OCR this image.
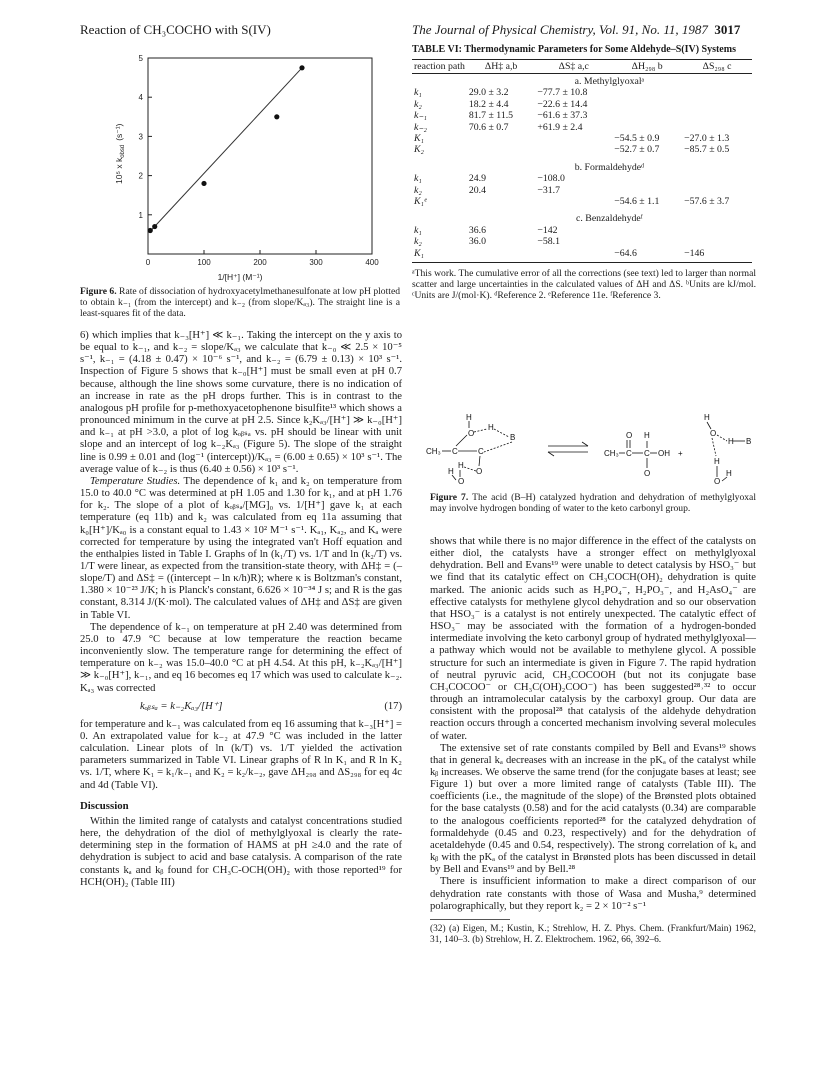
Reaction of CH₃COCHO with S(IV)	The Journal of Physical Chemistry, Vol. 91, No. 11, 1987 3017
0	100	200	300	400
1
2
3
4
5
1/[H⁺] (M⁻¹)
10⁵ x $k_{obsd}(s^{-1})$
Figure 6. Rate of dissociation of hydroxyacetylmethanesulfonate at low pH plotted to obtain k₋₁ (from the intercept) and k₋₂ (from slope/Kₐ₃). The straight line is a least-squares fit of the data.

6) which implies that k₋₃[H⁺] ≪ k₋₁. Taking the intercept on the y axis to be equal to k₋₁, and k₋₂ = slope/Kₐ₃ we calculate that k₋₀ ≪ 2.5 × 10⁻⁵ s⁻¹, k₋₁ = (4.18 ± 0.47) × 10⁻⁶ s⁻¹, and k₋₂ = (6.79 ± 0.13) × 10³ s⁻¹. Inspection of Figure 5 shows that k₋₀[H⁺] must be small even at pH 0.7 because, although the line shows some curvature, there is no indication of an increase in rate as the pH drops further. This is in contrast to the analogous pH profile for p-methoxyacetophenone bisulfite¹³ which shows a pronounced minimum in the curve at pH 2.5. Since k₂Kₐ₃/[H⁺] ≫ k₋₀[H⁺] and k₋₁ at pH >3.0, a plot of log kₒᵦₛₐ vs. pH should be linear with unit slope and an intercept of log k₋₂Kₐ₃ (Figure 5). The slope of the straight line is 0.99 ± 0.01 and (log⁻¹ (intercept))/Kₐ₃ = (6.00 ± 0.65) × 10³ s⁻¹. The average value of k₋₂ is thus (6.40 ± 0.56) × 10³ s⁻¹.

Temperature Studies. The dependence of k₁ and k₂ on temperature from 15.0 to 40.0 °C was determined at pH 1.05 and 1.30 for k₁, and at pH 1.76 for k₂. The slope of a plot of kₒᵦₛₐ/[MG]₀ vs. 1/[H⁺] gave k₁ at each temperature (eq 11b) and k₂ was calculated from eq 11a assuming that k₀[H⁺]/Kₐ₀ is a constant equal to 1.43 × 10² M⁻¹ s⁻¹. Kₐ₁, Kₐ₂, and Kₐ were corrected for temperature by using the integrated van't Hoff equation and the enthalpies listed in Table I. Graphs of ln (k₁/T) vs. 1/T and ln (k₂/T) vs. 1/T were linear, as expected from the transition-state theory, with ΔH‡ = (–slope/T) and ΔS‡ = ((intercept – ln κ/h)R); where κ is Boltzman's constant, 1.380 × 10⁻²³ J/K; h is Planck's constant, 6.626 × 10⁻³⁴ J s; and R is the gas constant, 8.314 J/(K·mol). The calculated values of ΔH‡ and ΔS‡ are given in Table VI.

The dependence of k₋₁ on temperature at pH 2.40 was determined from 25.0 to 47.9 °C because at low temperature the reaction became inconveniently slow. The temperature range for determining the effect of temperature on k₋₂ was 15.0–40.0 °C at pH 4.54. At this pH, k₋₂Kₐ₃/[H⁺] ≫ k₋₀[H⁺], k₋₁, and eq 16 becomes eq 17 which was used to calculate k₋₂. Kₐ₃ was corrected

kₒᵦₛₐ = k₋₂Kₐ₃/[H⁺]	(17)

for temperature and k₋₁ was calculated from eq 16 assuming that k₋₃[H⁺] = 0. An extrapolated value for k₋₂ at 47.9 °C was included in the latter calculation. Linear plots of ln (k/T) vs. 1/T yielded the activation parameters summarized in Table VI. Linear graphs of R ln K₁ and R ln K₂ vs. 1/T, where K₁ = k₁/k₋₁ and K₂ = k₂/k₋₂, gave ΔH₂₉₈ and ΔS₂₉₈ for eq 4c and 4d (Table VI).

Discussion

Within the limited range of catalysts and catalyst concentrations studied here, the dehydration of the diol of methylglyoxal is clearly the rate-determining step in the formation of HAMS at pH ≥4.0 and the rate of dehydration is subject to acid and base catalysis. A comparison of the rate constants kₐ and kᵦ found for CH₃C-OCH(OH)₂ with those reported¹⁹ for HCH(OH)₂ (Table III)

TABLE VI: Thermodynamic Parameters for Some Aldehyde–S(IV) Systems
reaction path	ΔH‡ a,b	ΔS‡ a,c	ΔH₂₉₈ b	ΔS₂₉₈ c
	a. Methylglyoxalᵃ			
k₁	29.0 ± 3.2	−77.7 ± 10.8		
k₂	18.2 ± 4.4	−22.6 ± 14.4		
k₋₁	81.7 ± 11.5	−61.6 ± 37.3		
k₋₂	70.6 ± 0.7	+61.9 ± 2.4		
K₁			−54.5 ± 0.9	−27.0 ± 1.3
K₂			−52.7 ± 0.7	−85.7 ± 0.5
	b. Formaldehydeᵈ			
k₁	24.9	−108.0		
k₂	20.4	−31.7		
K₁ᵉ			−54.6 ± 1.1	−57.6 ± 3.7
	c. Benzaldehydeᶠ			
k₁	36.6	−142		
k₂	36.0	−58.1		
K₁			−64.6	−146
ᵃThis work. The cumulative error of all the corrections (see text) led to larger than normal scatter and large uncertainties in the calculated values of ΔH and ΔS. ᵇUnits are kJ/mol. ᶜUnits are J/(mol·K). ᵈReference 2. ᵉReference 11e. ᶠReference 3.
CH₃ C
O
H
H
B
C
O
H
O
H
CH₃ C
O
C
H
O
OH +
H
O
H B
H
O
H
Figure 7. The acid (B–H) catalyzed hydration and dehydration of methylglyoxal may involve hydrogen bonding of water to the keto carbonyl group.

shows that while there is no major difference in the effect of the catalysts on either diol, the catalysts have a stronger effect on methylglyoxal dehydration. Bell and Evans¹⁹ were unable to detect catalysis by HSO₃⁻ but we find that its catalytic effect on CH₃COCH(OH)₂ dehydration is quite marked. The anionic acids such as H₂PO₄⁻, H₂PO₃⁻, and H₂AsO₄⁻ are effective catalysts for methylene glycol dehydration and so our observation that HSO₃⁻ is a catalyst is not entirely unexpected. The catalytic effect of HSO₃⁻ may be associated with the formation of a hydrogen-bonded intermediate involving the keto carbonyl group of hydrated methylglyoxal—a pathway which would not be available to methylene glycol. A possible structure for such an intermediate is given in Figure 7. The rapid hydration of neutral pyruvic acid, CH₃COCOOH (but not its conjugate base CH₃COCOO⁻ or CH₃C(OH)₂COO⁻) has been suggested²⁸˒³² to occur through an intramolecular catalysis by the carboxyl group. Our data are consistent with the proposal²⁸ that catalysis of the aldehyde dehydration reaction occurs through a concerted mechanism involving several molecules of water.

The extensive set of rate constants compiled by Bell and Evans¹⁹ shows that in general kₐ decreases with an increase in the pKₐ of the catalyst while kᵦ increases. We observe the same trend (for the conjugate bases at least; see Figure 1) but over a more limited range of catalysts (Table III). The coefficients (i.e., the magnitude of the slope) of the Brønsted plots obtained for the base catalysts (0.58) and for the acid catalysts (0.34) are comparable to the analogous coefficients reported²⁸ for the catalyzed dehydration of formaldehyde (0.45 and 0.23, respectively) and for the dehydration of acetaldehyde (0.45 and 0.54, respectively). The strong correlation of kₐ and kᵦ with the pKₐ of the catalyst in Brønsted plots has been discussed in detail by Bell and Evans¹⁹ and by Bell.²⁸

There is insufficient information to make a direct comparison of our dehydration rate constants with those of Wasa and Musha,⁹ determined polarographically, but they report k₂ = 2 × 10⁻² s⁻¹

(32) (a) Eigen, M.; Kustin, K.; Strehlow, H. Z. Phys. Chem. (Frankfurt/Main) 1962, 31, 140–3. (b) Strehlow, H. Z. Elektrochem. 1962, 66, 392–6.
